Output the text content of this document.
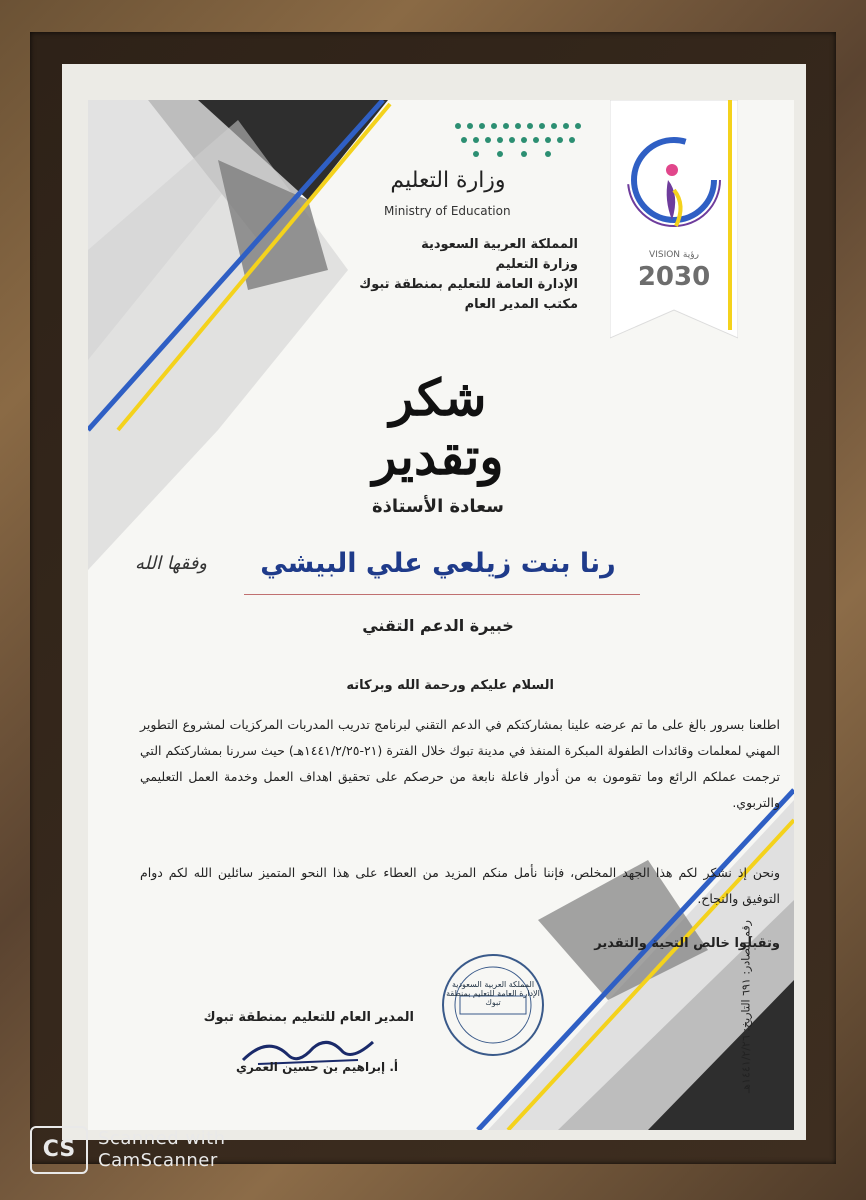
وزارة التعليم
Ministry of Education
المملكة العربية السعودية
وزارة التعليم
الإدارة العامة للتعليم بمنطقة تبوك
مكتب المدير العام
VISION رؤية
2030
شكر وتقدير
سعادة الأستاذة
وفقها الله	رنا بنت زيلعي علي البيشي
خبيرة الدعم التقني
السلام عليكم ورحمة الله وبركاته
اطلعنا بسرور بالغ على ما تم عرضه علينا بمشاركتكم في الدعم التقني لبرنامج تدريب المدربات المركزيات لمشروع التطوير المهني لمعلمات وقائدات الطفولة المبكرة المنفذ في مدينة تبوك خلال الفترة (٢١-١٤٤١/٢/٢٥هـ) حيث سررنا بمشاركتكم التي ترجمت عملكم الرائع وما تقومون به من أدوار فاعلة نابعة من حرصكم على تحقيق اهداف العمل وخدمة العمل التعليمي والتربوي.
ونحن إذ نشكر لكم هذا الجهد المخلص، فإننا نأمل منكم المزيد من العطاء على هذا النحو المتميز سائلين الله لكم دوام التوفيق والنجاح.
وتقبلوا خالص التحية والتقدير
رقم الصادر: ٦٩١ التاريخ: ١٤٤١/٢/٢٦هـ
المملكة العربية السعودية
الإدارة العامة للتعليم بمنطقة تبوك
المدير العام للتعليم بمنطقة تبوك
أ. إبراهيم بن حسين العمري
CS	Scanned with
CamScanner
